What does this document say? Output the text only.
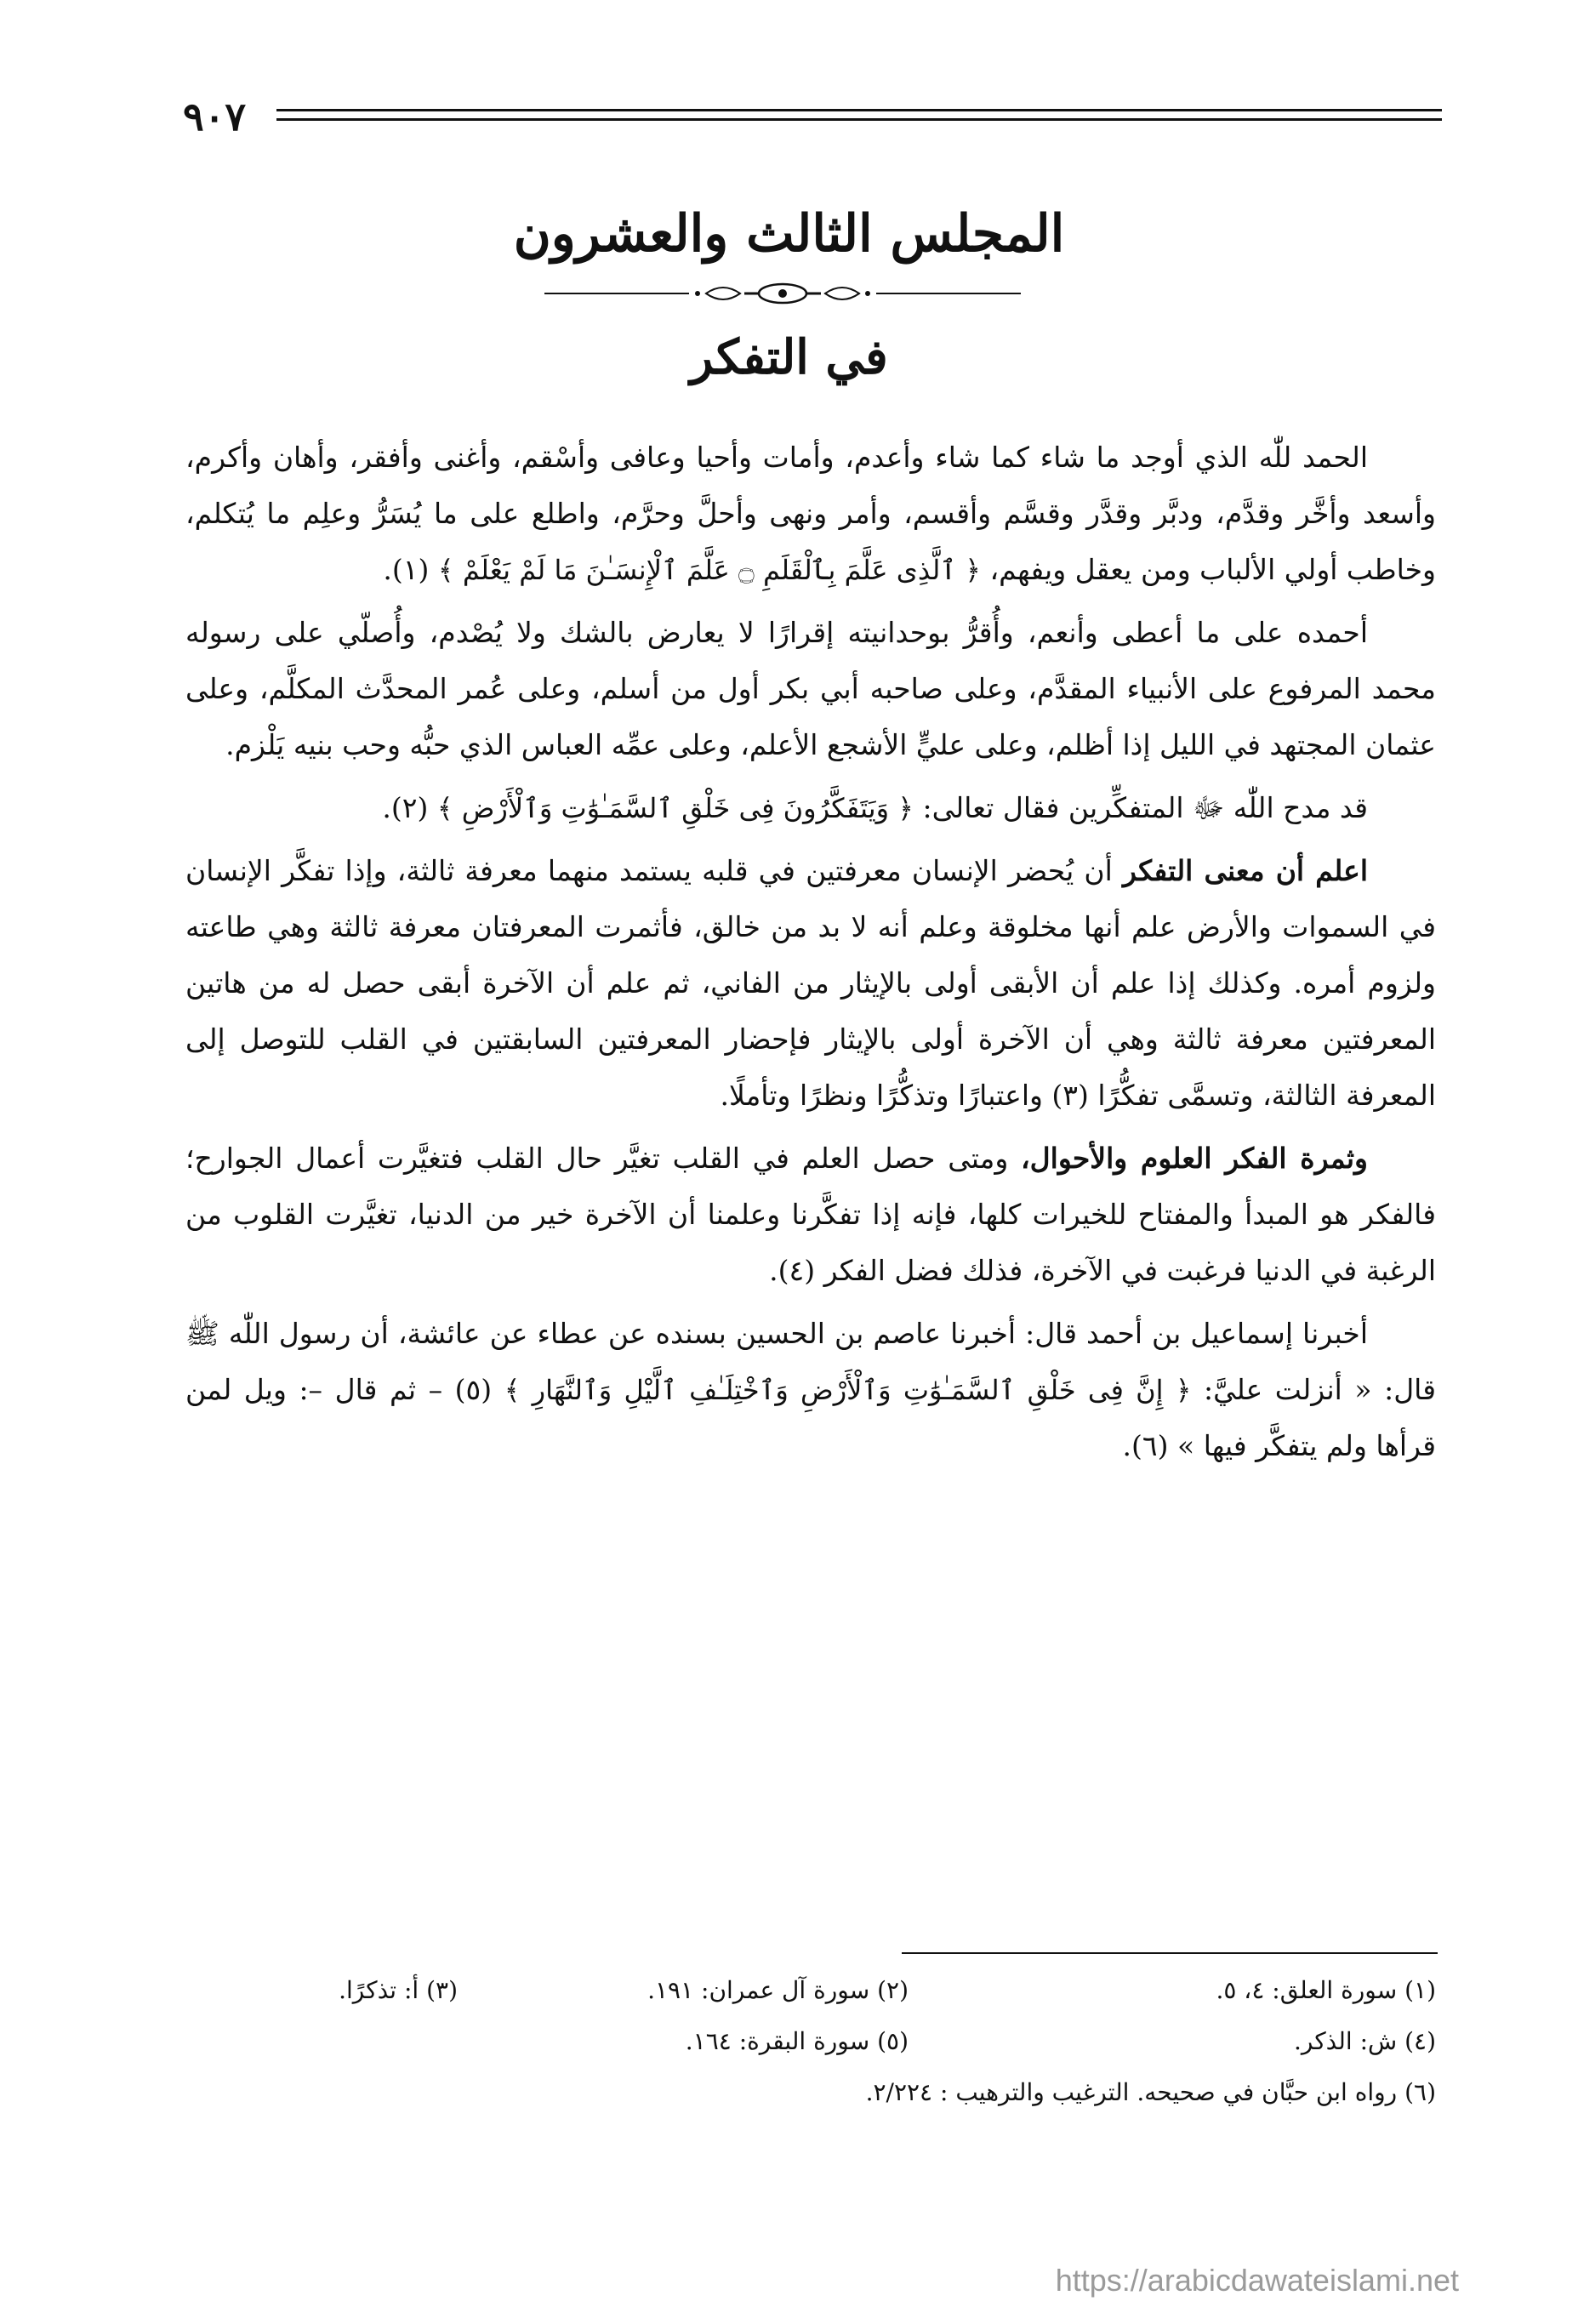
٩٠٧
المجلس الثالث والعشرون
في التفكر

الحمد للّٰه الذي أوجد ما شاء كما شاء وأعدم، وأمات وأحيا وعافى وأسْقم، وأغنى وأفقر، وأهان وأكرم، وأسعد وأخَّر وقدَّم، ودبَّر وقدَّر وقسَّم وأقسم، وأمر ونهى وأحلَّ وحرَّم، واطلع على ما يُسَرُّ وعلِم ما يُتكلم، وخاطب أولي الألباب ومن يعقل ويفهم، ﴿ ٱلَّذِى عَلَّمَ بِٱلْقَلَمِ ۝ عَلَّمَ ٱلْإِنسَـٰنَ مَا لَمْ يَعْلَمْ ﴾ (١).

أحمده على ما أعطى وأنعم، وأُقرُّ بوحدانيته إقرارًا لا يعارض بالشك ولا يُصْدم، وأُصلّي على رسوله محمد المرفوع على الأنبياء المقدَّم، وعلى صاحبه أبي بكر أول من أسلم، وعلى عُمر المحدَّث المكلَّم، وعلى عثمان المجتهد في الليل إذا أظلم، وعلى عليٍّ الأشجع الأعلم، وعلى عمِّه العباس الذي حبُّه وحب بنيه يَلْزم.

قد مدح اللّٰه ﷻ المتفكِّرين فقال تعالى: ﴿ وَيَتَفَكَّرُونَ فِى خَلْقِ ٱلسَّمَـٰوَٰتِ وَٱلْأَرْضِ ﴾ (٢).

اعلم أن معنى التفكر أن يُحضر الإنسان معرفتين في قلبه يستمد منهما معرفة ثالثة، وإذا تفكَّر الإنسان في السموات والأرض علم أنها مخلوقة وعلم أنه لا بد من خالق، فأثمرت المعرفتان معرفة ثالثة وهي طاعته ولزوم أمره. وكذلك إذا علم أن الأبقى أولى بالإيثار من الفاني، ثم علم أن الآخرة أبقى حصل له من هاتين المعرفتين معرفة ثالثة وهي أن الآخرة أولى بالإيثار فإحضار المعرفتين السابقتين في القلب للتوصل إلى المعرفة الثالثة، وتسمَّى تفكُّرًا (٣) واعتبارًا وتذكُّرًا ونظرًا وتأملًا.

وثمرة الفكر العلوم والأحوال، ومتى حصل العلم في القلب تغيَّر حال القلب فتغيَّرت أعمال الجوارح؛ فالفكر هو المبدأ والمفتاح للخيرات كلها، فإنه إذا تفكَّرنا وعلمنا أن الآخرة خير من الدنيا، تغيَّرت القلوب من الرغبة في الدنيا فرغبت في الآخرة، فذلك فضل الفكر (٤).

أخبرنا إسماعيل بن أحمد قال: أخبرنا عاصم بن الحسين بسنده عن عطاء عن عائشة، أن رسول اللّٰه ﷺ قال: « أنزلت عليَّ: ﴿ إِنَّ فِى خَلْقِ ٱلسَّمَـٰوَٰتِ وَٱلْأَرْضِ وَٱخْتِلَـٰفِ ٱلَّيْلِ وَٱلنَّهَارِ ﴾ (٥) – ثم قال –: ويل لمن قرأها ولم يتفكَّر فيها » (٦).

(١) سورة العلق: ٤، ٥.
(٢) سورة آل عمران: ١٩١.
(٣) أ: تذكرًا.
(٤) ش: الذكر.
(٥) سورة البقرة: ١٦٤.
(٦) رواه ابن حبَّان في صحيحه. الترغيب والترهيب : ٢/٢٢٤.
https://arabicdawateislami.net
